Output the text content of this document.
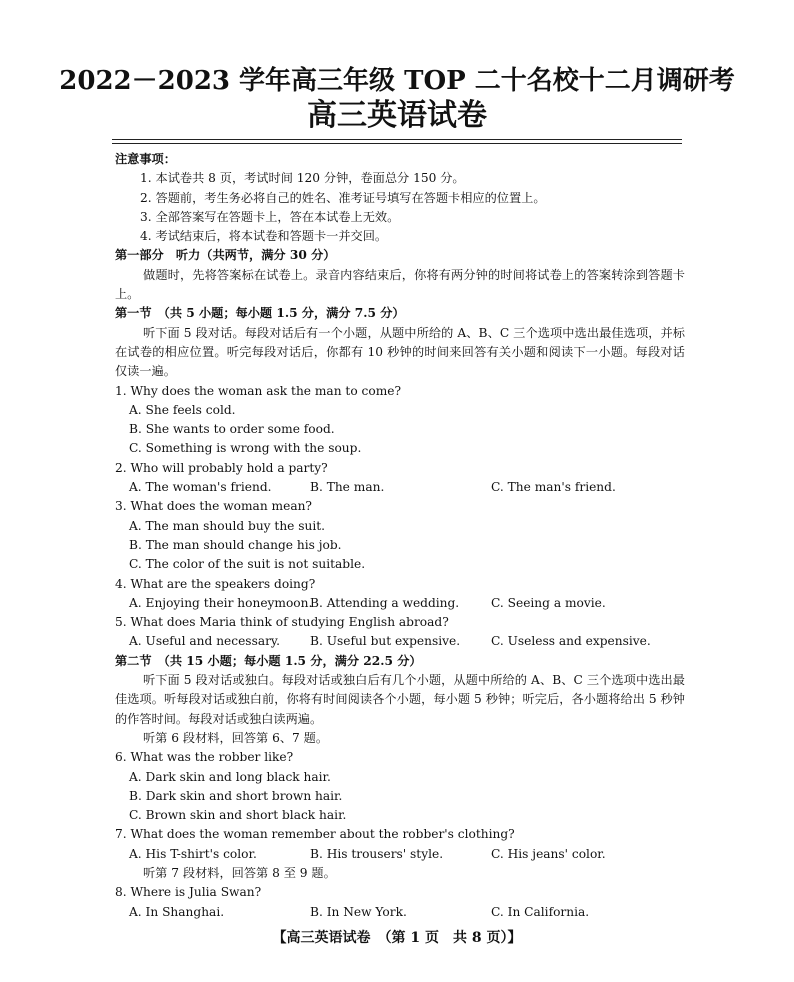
2022－2023 学年高三年级 TOP 二十名校十二月调研考
高三英语试卷
注意事项：
1. 本试卷共 8 页，考试时间 120 分钟，卷面总分 150 分。
2. 答题前，考生务必将自己的姓名、准考证号填写在答题卡相应的位置上。
3. 全部答案写在答题卡上，答在本试卷上无效。
4. 考试结束后，将本试卷和答题卡一并交回。
第一部分　听力（共两节，满分 30 分）
做题时，先将答案标在试卷上。录音内容结束后，你将有两分钟的时间将试卷上的答案转涂到答题卡上。
第一节　（共 5 小题；每小题 1.5 分，满分 7.5 分）
听下面 5 段对话。每段对话后有一个小题，从题中所给的 A、B、C 三个选项中选出最佳选项，并标在试卷的相应位置。听完每段对话后，你都有 10 秒钟的时间来回答有关小题和阅读下一小题。每段对话仅读一遍。
1. Why does the woman ask the man to come?
A. She feels cold.
B. She wants to order some food.
C. Something is wrong with the soup.
2. Who will probably hold a party?
A. The woman's friend.	B. The man.	C. The man's friend.
3. What does the woman mean?
A. The man should buy the suit.
B. The man should change his job.
C. The color of the suit is not suitable.
4. What are the speakers doing?
A. Enjoying their honeymoon.
B. Attending a wedding.	C. Seeing a movie.
5. What does Maria think of studying English abroad?
A. Useful and necessary.	B. Useful but expensive.	C. Useless and expensive.
第二节　（共 15 小题；每小题 1.5 分，满分 22.5 分）
听下面 5 段对话或独白。每段对话或独白后有几个小题，从题中所给的 A、B、C 三个选项中选出最佳选项。听每段对话或独白前，你将有时间阅读各个小题，每小题 5 秒钟；听完后，各小题将给出 5 秒钟的作答时间。每段对话或独白读两遍。
听第 6 段材料，回答第 6、7 题。
6. What was the robber like?
A. Dark skin and long black hair.
B. Dark skin and short brown hair.
C. Brown skin and short black hair.
7. What does the woman remember about the robber's clothing?
A. His T-shirt's color.	B. His trousers' style.	C. His jeans' color.
听第 7 段材料，回答第 8 至 9 题。
8. Where is Julia Swan?
A. In Shanghai.	B. In New York.	C. In California.
【高三英语试卷　（第 1 页　共 8 页）】
